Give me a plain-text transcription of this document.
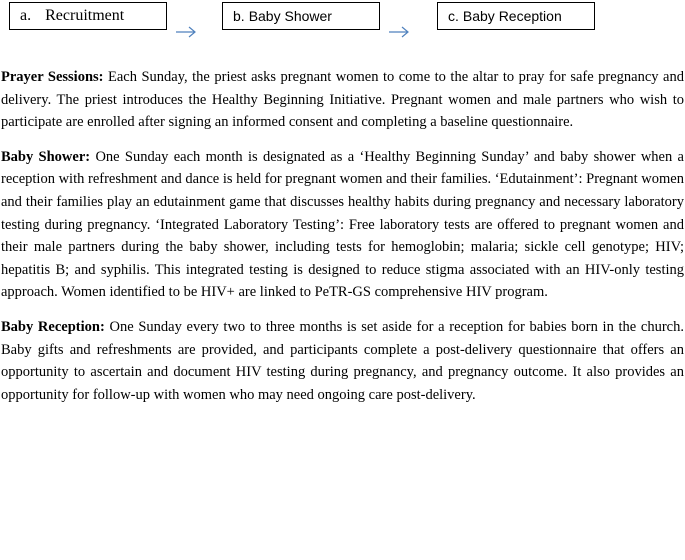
a. Recruitment	b. Baby Shower	c. Baby Reception

Prayer Sessions: Each Sunday, the priest asks pregnant women to come to the altar to pray for safe pregnancy and delivery. The priest introduces the Healthy Beginning Initiative. Pregnant women and male partners who wish to participate are enrolled after signing an informed consent and completing a baseline questionnaire.

Baby Shower: One Sunday each month is designated as a ‘Healthy Beginning Sunday’ and baby shower when a reception with refreshment and dance is held for pregnant women and their families. ‘Edutainment’: Pregnant women and their families play an edutainment game that discusses healthy habits during pregnancy and necessary laboratory testing during pregnancy. ‘Integrated Laboratory Testing’: Free laboratory tests are offered to pregnant women and their male partners during the baby shower, including tests for hemoglobin; malaria; sickle cell genotype; HIV; hepatitis B; and syphilis. This integrated testing is designed to reduce stigma associated with an HIV-only testing approach. Women identified to be HIV+ are linked to PeTR-GS comprehensive HIV program.

Baby Reception: One Sunday every two to three months is set aside for a reception for babies born in the church. Baby gifts and refreshments are provided, and participants complete a post-delivery questionnaire that offers an opportunity to ascertain and document HIV testing during pregnancy, and pregnancy outcome. It also provides an opportunity for follow-up with women who may need ongoing care post-delivery.
